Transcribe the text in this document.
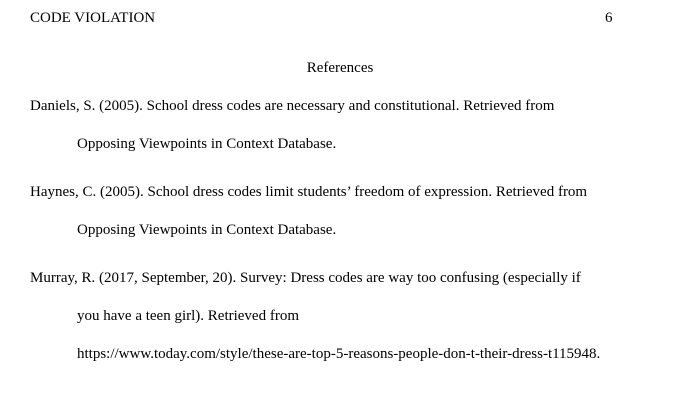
CODE VIOLATION	6
References
Daniels, S. (2005). School dress codes are necessary and constitutional. Retrieved from
Opposing Viewpoints in Context Database.
Haynes, C. (2005). School dress codes limit students’ freedom of expression. Retrieved from
Opposing Viewpoints in Context Database.
Murray, R. (2017, September, 20). Survey: Dress codes are way too confusing (especially if
you have a teen girl). Retrieved from
https://www.today.com/style/these-are-top-5-reasons-people-don-t-their-dress-t115948.
